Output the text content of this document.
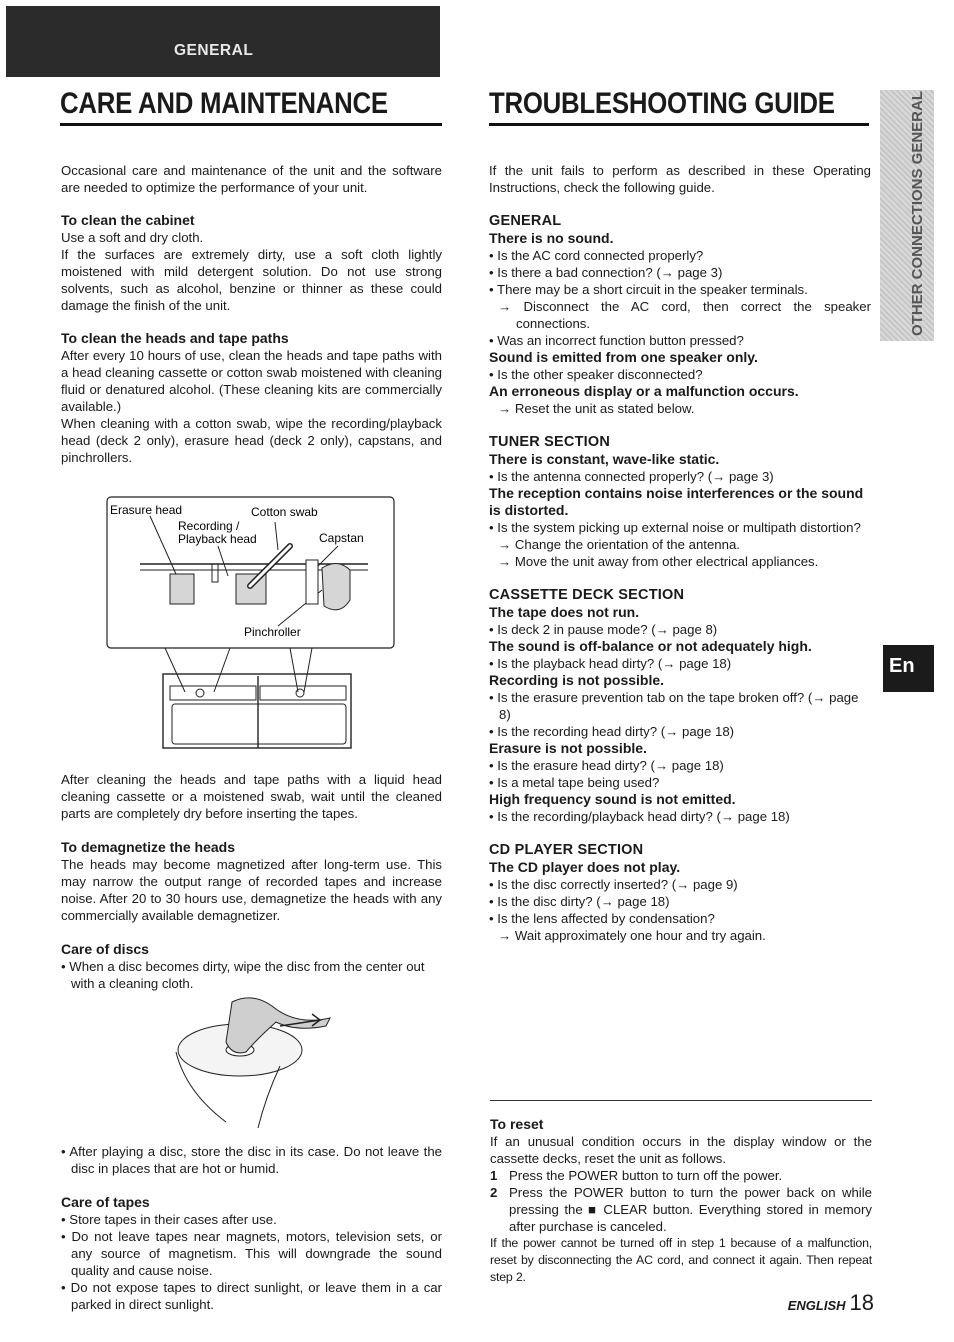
GENERAL

CARE AND MAINTENANCE

Occasional care and maintenance of the unit and the software are needed to optimize the performance of your unit.

To clean the cabinet

Use a soft and dry cloth.

If the surfaces are extremely dirty, use a soft cloth lightly moistened with mild detergent solution. Do not use strong solvents, such as alcohol, benzine or thinner as these could damage the finish of the unit.

To clean the heads and tape paths

After every 10 hours of use, clean the heads and tape paths with a head cleaning cassette or cotton swab moistened with cleaning fluid or denatured alcohol. (These cleaning kits are commercially available.)

When cleaning with a cotton swab, wipe the recording/playback head (deck 2 only), erasure head (deck 2 only), capstans, and pinchrollers.

Erasure head	Cotton swab
Recording /
Playback head	Capstan
Pinchroller

After cleaning the heads and tape paths with a liquid head cleaning cassette or a moistened swab, wait until the cleaned parts are completely dry before inserting the tapes.

To demagnetize the heads

The heads may become magnetized after long-term use. This may narrow the output range of recorded tapes and increase noise. After 20 to 30 hours use, demagnetize the heads with any commercially available demagnetizer.

Care of discs

• When a disc becomes dirty, wipe the disc from the center out with a cleaning cloth.

• After playing a disc, store the disc in its case. Do not leave the disc in places that are hot or humid.

Care of tapes

• Store tapes in their cases after use.

• Do not leave tapes near magnets, motors, television sets, or any source of magnetism. This will downgrade the sound quality and cause noise.

• Do not expose tapes to direct sunlight, or leave them in a car parked in direct sunlight.

TROUBLESHOOTING GUIDE

If the unit fails to perform as described in these Operating Instructions, check the following guide.

GENERAL

There is no sound.

• Is the AC cord connected properly?

• Is there a bad connection? (→ page 3)

• There may be a short circuit in the speaker terminals.

→ Disconnect the AC cord, then correct the speaker connections.

• Was an incorrect function button pressed?

Sound is emitted from one speaker only.

• Is the other speaker disconnected?

An erroneous display or a malfunction occurs.

→ Reset the unit as stated below.

TUNER SECTION

There is constant, wave-like static.

• Is the antenna connected properly? (→ page 3)

The reception contains noise interferences or the sound is distorted.

• Is the system picking up external noise or multipath distortion?

→ Change the orientation of the antenna.

→ Move the unit away from other electrical appliances.

CASSETTE DECK SECTION

The tape does not run.

• Is deck 2 in pause mode? (→ page 8)

The sound is off-balance or not adequately high.

• Is the playback head dirty? (→ page 18)

Recording is not possible.

• Is the erasure prevention tab on the tape broken off? (→ page 8)

• Is the recording head dirty? (→ page 18)

Erasure is not possible.

• Is the erasure head dirty? (→ page 18)

• Is a metal tape being used?

High frequency sound is not emitted.

• Is the recording/playback head dirty? (→ page 18)

CD PLAYER SECTION

The CD player does not play.

• Is the disc correctly inserted? (→ page 9)

• Is the disc dirty? (→ page 18)

• Is the lens affected by condensation?

→ Wait approximately one hour and try again.

To reset

If an unusual condition occurs in the display window or the cassette decks, reset the unit as follows.

1 Press the POWER button to turn off the power.
2 Press the POWER button to turn the power back on while pressing the ■ CLEAR button. Everything stored in memory after purchase is canceled.

If the power cannot be turned off in step 1 because of a malfunction, reset by disconnecting the AC cord, and connect it again. Then repeat step 2.

OTHER CONNECTIONS GENERAL
En
ENGLISH 18
